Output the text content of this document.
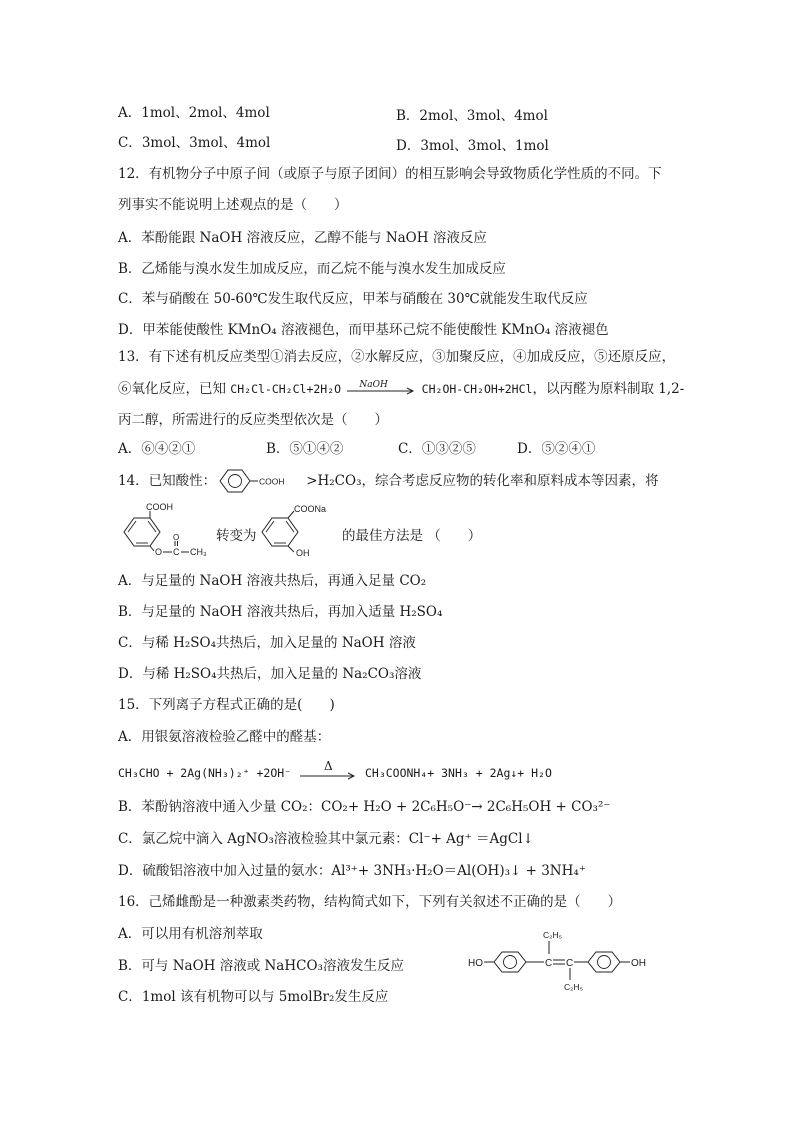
A．1mol、2mol、4mol	B．2mol、3mol、4mol
C．3mol、3mol、4mol	D．3mol、3mol、1mol
12．有机物分子中原子间（或原子与原子团间）的相互影响会导致物质化学性质的不同。下
列事实不能说明上述观点的是（　　）
A．苯酚能跟 NaOH 溶液反应，乙醇不能与 NaOH 溶液反应
B．乙烯能与溴水发生加成反应，而乙烷不能与溴水发生加成反应
C．苯与硝酸在 50-60℃发生取代反应，甲苯与硝酸在 30℃就能发生取代反应
D．甲苯能使酸性 KMnO₄ 溶液褪色，而甲基环己烷不能使酸性 KMnO₄ 溶液褪色
13．有下述有机反应类型①消去反应，②水解反应，③加聚反应，④加成反应，⑤还原反应，
⑥氧化反应，已知 CH₂Cl-CH₂Cl+2H₂O NaOH	CH₂OH-CH₂OH+2HCl，以丙醛为原料制取 1,2-
丙二醇，所需进行的反应类型依次是（　　）
A．⑥④②①	B．⑤①④②	C．①③②⑤	D．⑤②④①
14．已知酸性：	>H₂CO₃，综合考虑反应物的转化率和原料成本等因素，将
COOH
COOH
O C
O
CH₃
转变为
COONa
OH
的最佳方法是 （　　）
A．与足量的 NaOH 溶液共热后，再通入足量 CO₂
B．与足量的 NaOH 溶液共热后，再加入适量 H₂SO₄
C．与稀 H₂SO₄共热后，加入足量的 NaOH 溶液
D．与稀 H₂SO₄共热后，加入足量的 Na₂CO₃溶液
15．下列离子方程式正确的是(　　)
A．用银氨溶液检验乙醛中的醛基：
CH₃CHO + 2Ag(NH₃)₂⁺ +2OH⁻
Δ
CH₃COONH₄+ 3NH₃ + 2Ag↓+ H₂O
B．苯酚钠溶液中通入少量 CO₂：CO₂+ H₂O + 2C₆H₅O⁻→ 2C₆H₅OH + CO₃²⁻
C．氯乙烷中滴入 AgNO₃溶液检验其中氯元素：Cl⁻+ Ag⁺ ＝AgCl↓
D．硫酸铝溶液中加入过量的氨水：Al³⁺+ 3NH₃·H₂O＝Al(OH)₃↓ + 3NH₄⁺
16．己烯雌酚是一种激素类药物，结构简式如下，下列有关叙述不正确的是（　　）
A．可以用有机溶剂萃取
B．可与 NaOH 溶液或 NaHCO₃溶液发生反应
C．1mol 该有机物可以与 5molBr₂发生反应
HO	C C
C₂H₅
C₂H₅
OH
